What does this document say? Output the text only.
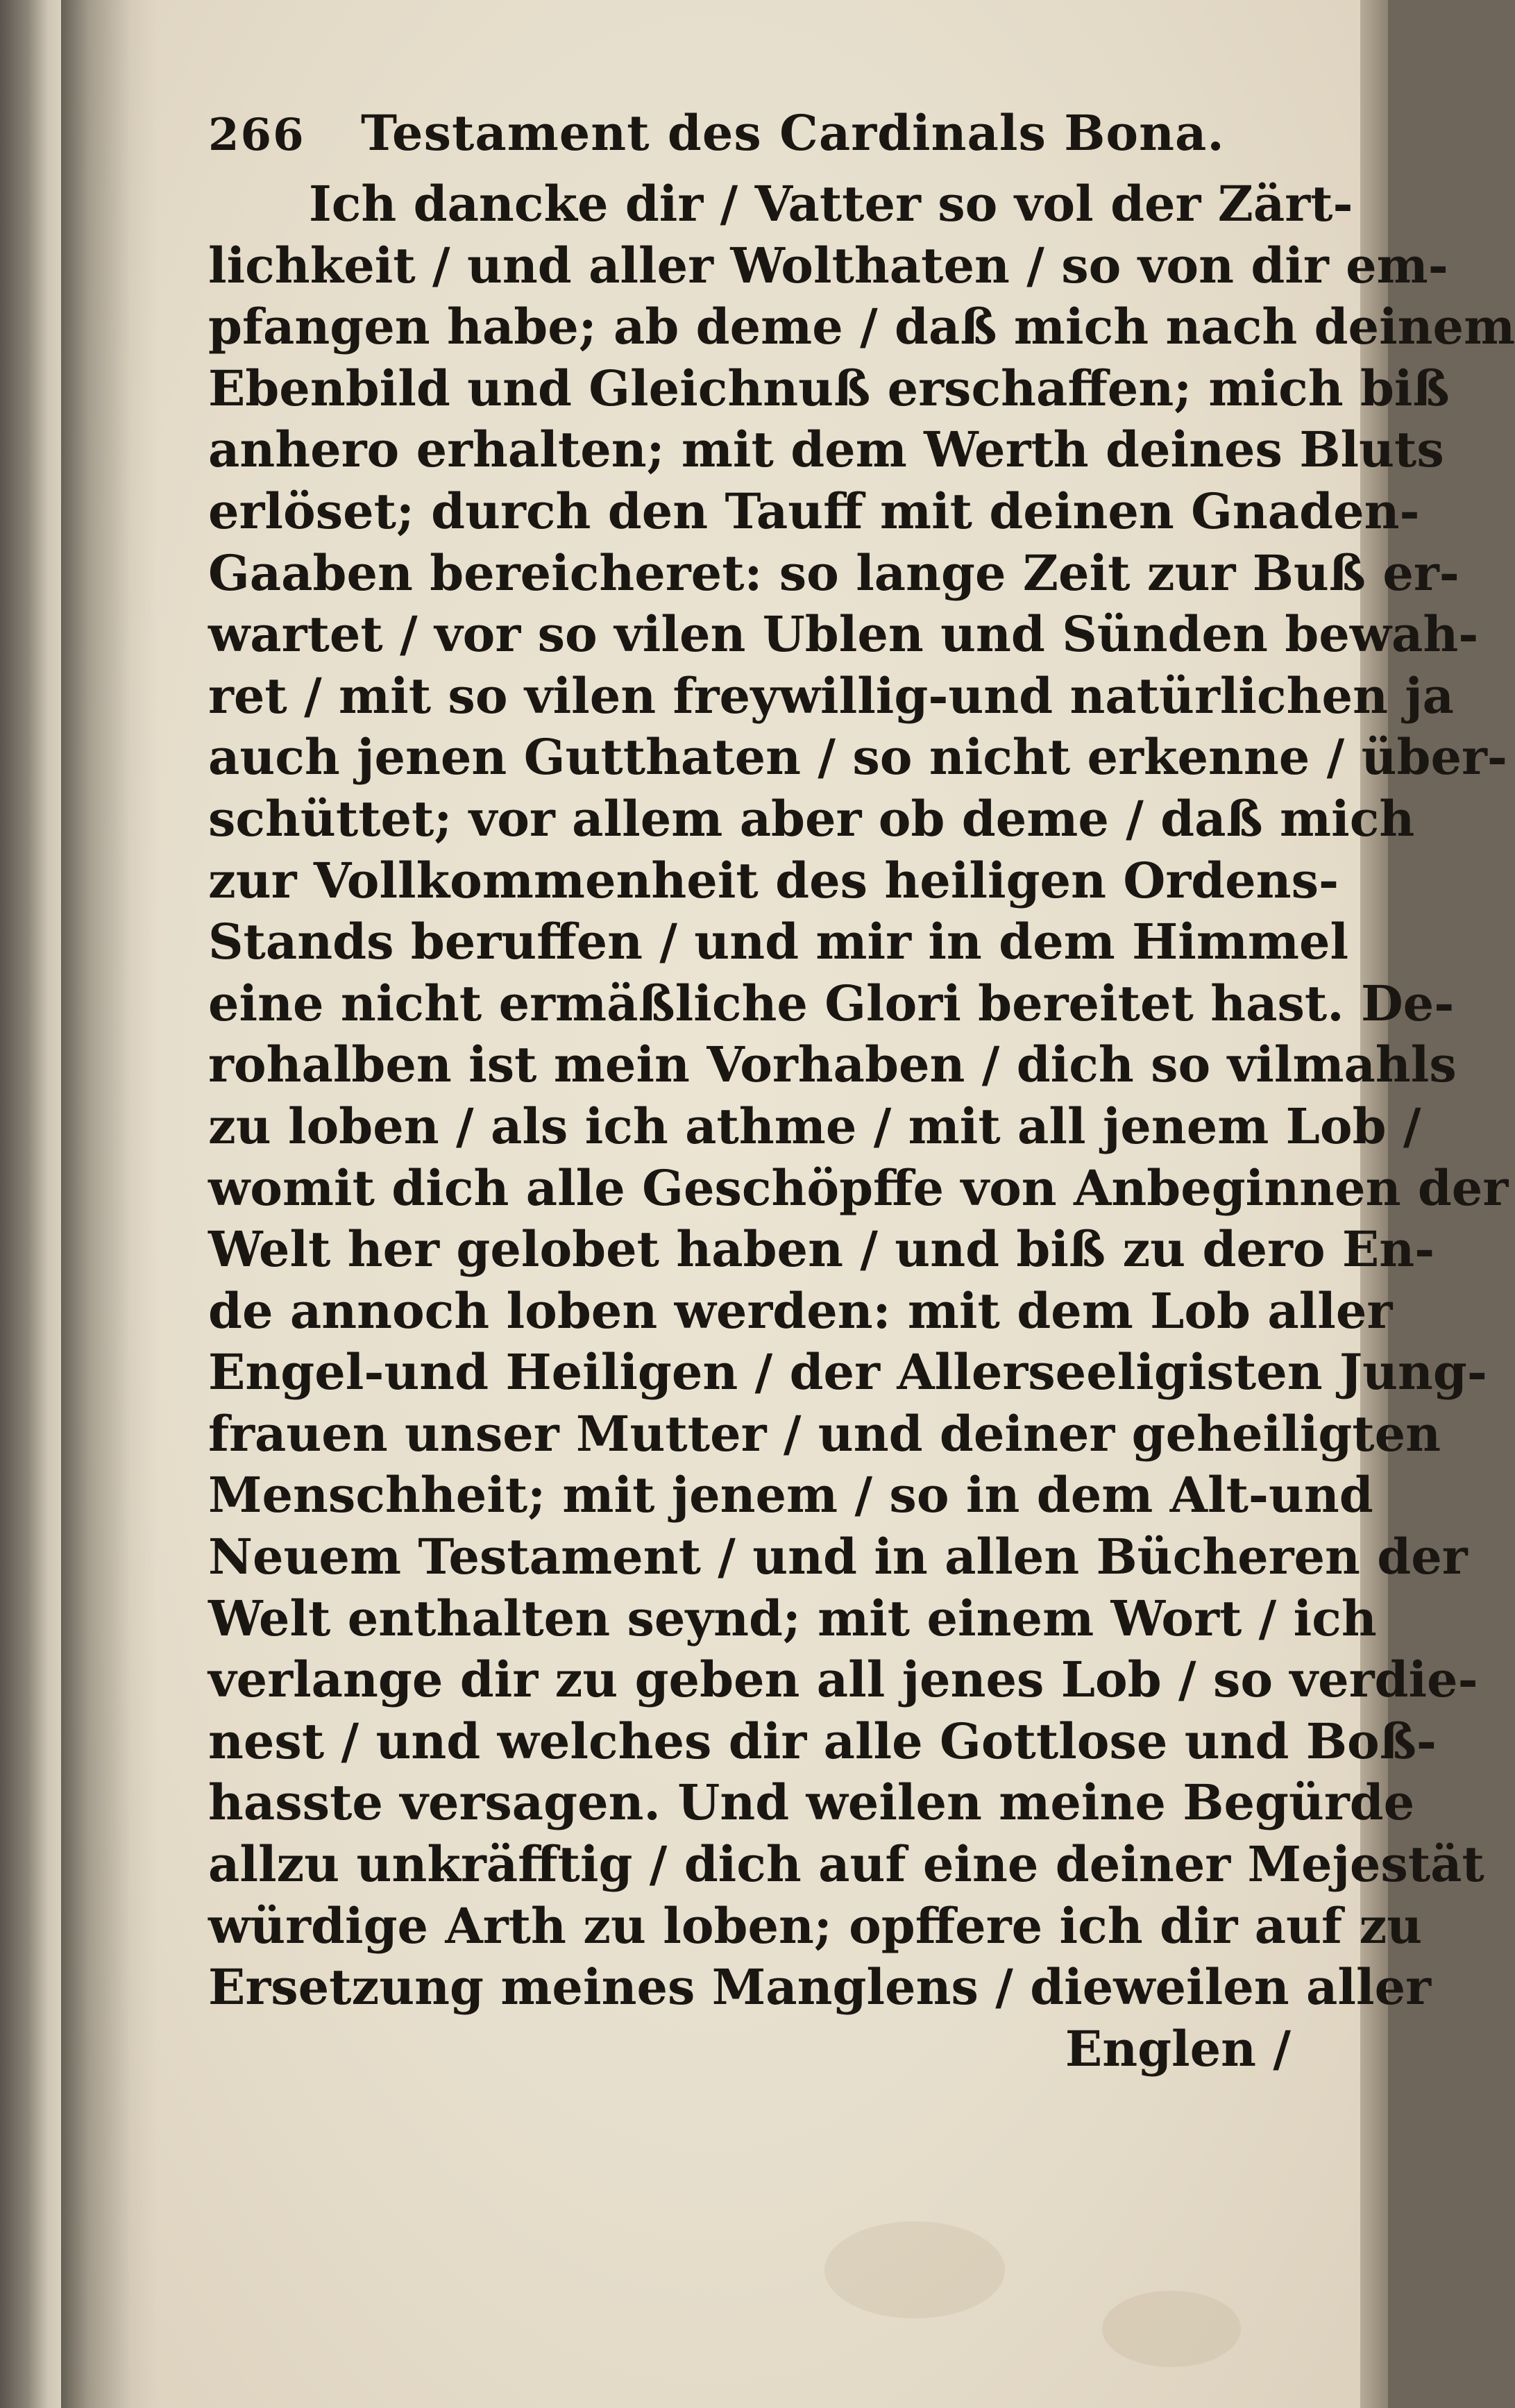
266	Testament des Cardinals Bona.
Ich dancke dir / Vatter so vol der Zärt-
lichkeit / und aller Wolthaten / so von dir em-
pfangen habe; ab deme / daß mich nach deinem
Ebenbild und Gleichnuß erschaffen; mich biß
anhero erhalten; mit dem Werth deines Bluts
erlöset; durch den Tauff mit deinen Gnaden-
Gaaben bereicheret: so lange Zeit zur Buß er-
wartet / vor so vilen Ublen und Sünden bewah-
ret / mit so vilen freywillig-und natürlichen ja
auch jenen Gutthaten / so nicht erkenne / über-
schüttet; vor allem aber ob deme / daß mich
zur Vollkommenheit des heiligen Ordens-
Stands beruffen / und mir in dem Himmel
eine nicht ermäßliche Glori bereitet hast. De-
rohalben ist mein Vorhaben / dich so vilmahls
zu loben / als ich athme / mit all jenem Lob /
womit dich alle Geschöpffe von Anbeginnen der
Welt her gelobet haben / und biß zu dero En-
de annoch loben werden: mit dem Lob aller
Engel-und Heiligen / der Allerseeligisten Jung-
frauen unser Mutter / und deiner geheiligten
Menschheit; mit jenem / so in dem Alt-und
Neuem Testament / und in allen Bücheren der
Welt enthalten seynd; mit einem Wort / ich
verlange dir zu geben all jenes Lob / so verdie-
nest / und welches dir alle Gottlose und Boß-
hasste versagen. Und weilen meine Begürde
allzu unkräfftig / dich auf eine deiner Mejestät
würdige Arth zu loben; opffere ich dir auf zu
Ersetzung meines Manglens / dieweilen aller
Englen /
